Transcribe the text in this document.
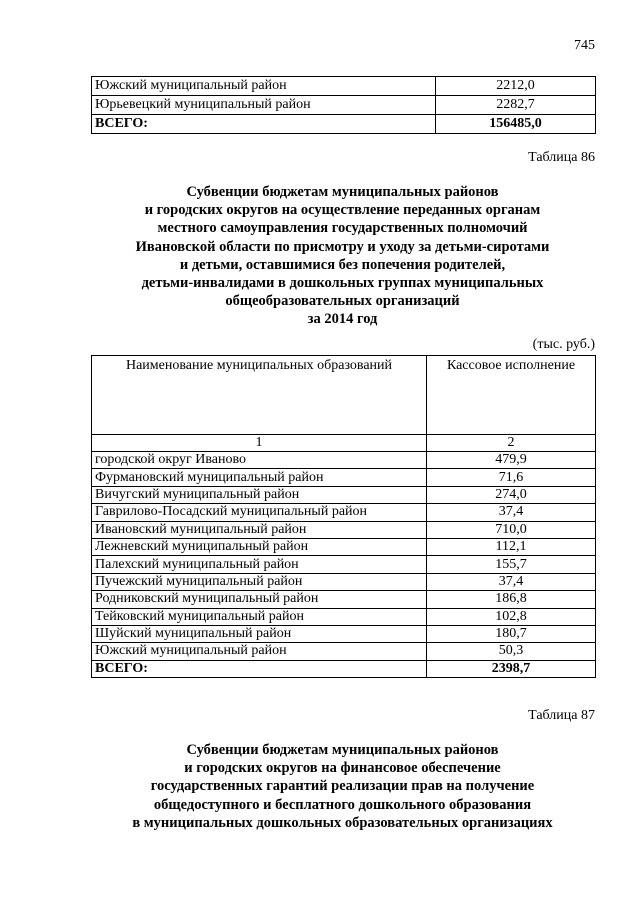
745
Южский муниципальный район	2212,0
Юрьевецкий муниципальный район	2282,7
ВСЕГО:	156485,0
Таблица 86
Субвенции бюджетам муниципальных районов
и городских округов на осуществление переданных органам
местного самоуправления государственных полномочий
Ивановской области по присмотру и уходу за детьми-сиротами
и детьми, оставшимися без попечения родителей,
детьми-инвалидами в дошкольных группах муниципальных
общеобразовательных организаций
за 2014 год
(тыс. руб.)
Наименование муниципальных образований	Кассовое исполнение
1	2
городской округ Иваново	479,9
Фурмановский муниципальный район	71,6
Вичугский муниципальный район	274,0
Гаврилово-Посадский муниципальный район	37,4
Ивановский муниципальный район	710,0
Лежневский муниципальный район	112,1
Палехский муниципальный район	155,7
Пучежский муниципальный район	37,4
Родниковский муниципальный район	186,8
Тейковский муниципальный район	102,8
Шуйский муниципальный район	180,7
Южский муниципальный район	50,3
ВСЕГО:	2398,7
Таблица 87
Субвенции бюджетам муниципальных районов
и городских округов на финансовое обеспечение
государственных гарантий реализации прав на получение
общедоступного и бесплатного дошкольного образования
в муниципальных дошкольных образовательных организациях
